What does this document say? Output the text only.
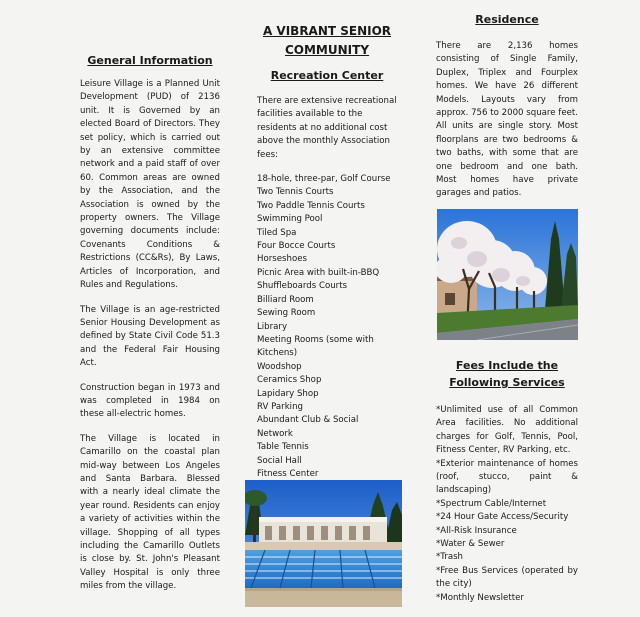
General Information

Leisure Village is a Planned Unit Development (PUD) of 2136 unit. It is Governed by an elected Board of Directors. They set policy, which is carried out by an extensive committee network and a paid staff of over 60. Common areas are owned by the Association, and the Association is owned by the property owners. The Village governing documents include: Covenants Conditions & Restrictions (CC&Rs), By Laws, Articles of Incorporation, and Rules and Regulations.

The Village is an age-restricted Senior Housing Development as defined by State Civil Code 51.3 and the Federal Fair Housing Act.

Construction began in 1973 and was completed in 1984 on these all-electric homes.

The Village is located in Camarillo on the coastal plan mid-way between Los Angeles and Santa Barbara. Blessed with a nearly ideal climate the year round. Residents can enjoy a variety of activities within the village. Shopping of all types including the Camarillo Outlets is close by. St. John's Pleasant Valley Hospital is only three miles from the village.

A VIBRANT SENIOR COMMUNITY
Recreation Center

There are extensive recreational facilities available to the residents at no additional cost above the monthly Association fees:

18-hole, three-par, Golf Course
Two Tennis Courts
Two Paddle Tennis Courts
Swimming Pool
Tiled Spa
Four Bocce Courts
Horseshoes
Picnic Area with built-in-BBQ
Shuffleboards Courts
Billiard Room
Sewing Room
Library
Meeting Rooms (some with Kitchens)
Woodshop
Ceramics Shop
Lapidary Shop
RV Parking
Abundant Club & Social Network
Table Tennis
Social Hall
Fitness Center
Residence
There are 2,136 homes consisting of Single Family, Duplex, Triplex and Fourplex homes. We have 26 different Models. Layouts vary from approx. 756 to 2000 square feet. All units are single story. Most floorplans are two bedrooms & two baths, with some that are one bedroom and one bath. Most homes have private garages and patios.
Fees Include the Following Services
*Unlimited use of all Common Area facilities. No additional charges for Golf, Tennis, Pool, Fitness Center, RV Parking, etc.
*Exterior maintenance of homes (roof, stucco, paint & landscaping)
*Spectrum Cable/Internet
*24 Hour Gate Access/Security
*All-Risk Insurance
*Water & Sewer
*Trash
*Free Bus Services (operated by the city)
*Monthly Newsletter
